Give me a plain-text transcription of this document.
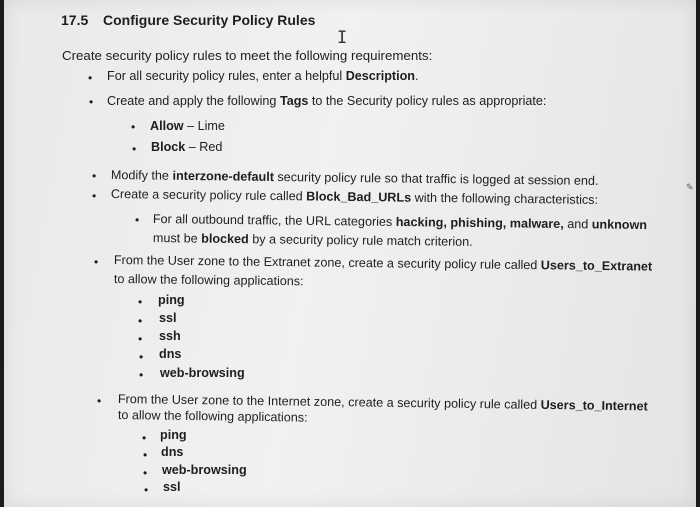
17.5 Configure Security Policy Rules
I
Create security policy rules to meet the following requirements:
• For all security policy rules, enter a helpful Description.
• Create and apply the following Tags to the Security policy rules as appropriate:
• Allow – Lime
• Block – Red
• Modify the interzone-default security policy rule so that traffic is logged at session end.
• Create a security policy rule called Block_Bad_URLs with the following characteristics:
• For all outbound traffic, the URL categories hacking, phishing, malware, and unknown
must be blocked by a security policy rule match criterion.
• From the User zone to the Extranet zone, create a security policy rule called Users_to_Extranet
to allow the following applications:
• ping
• ssl
• ssh
• dns
• web-browsing
• From the User zone to the Internet zone, create a security policy rule called Users_to_Internet
to allow the following applications:
• ping
• dns
• web-browsing
• ssl
✎
